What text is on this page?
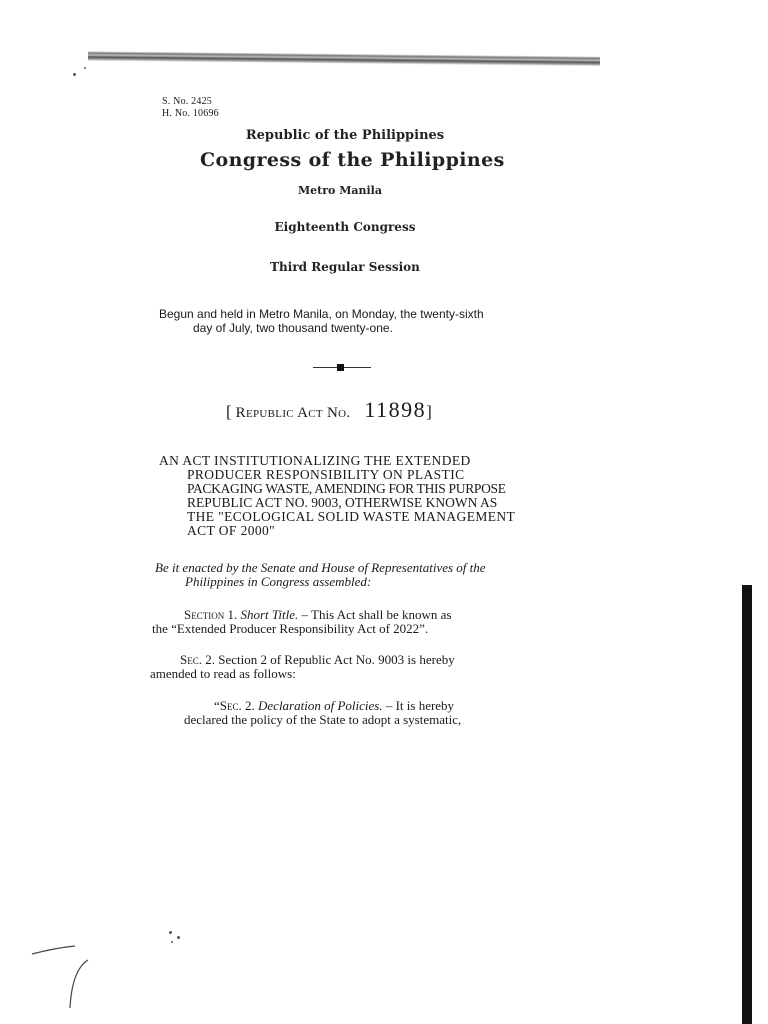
S. No. 2425
H. No. 10696
Republic of the Philippines
Congress of the Philippines
Metro Manila
Eighteenth Congress
Third Regular Session
Begun and held in Metro Manila, on Monday, the twenty-sixth
day of July, two thousand twenty-one.
[ Republic Act No. 11898]
AN ACT INSTITUTIONALIZING THE EXTENDED
PRODUCER RESPONSIBILITY ON PLASTIC
PACKAGING WASTE, AMENDING FOR THIS PURPOSE
REPUBLIC ACT NO. 9003, OTHERWISE KNOWN AS
THE "ECOLOGICAL SOLID WASTE MANAGEMENT
ACT OF 2000"
Be it enacted by the Senate and House of Representatives of the
Philippines in Congress assembled:
Section 1. Short Title. – This Act shall be known as
the “Extended Producer Responsibility Act of 2022”.
Sec. 2. Section 2 of Republic Act No. 9003 is hereby
amended to read as follows:
“Sec. 2. Declaration of Policies. – It is hereby
declared the policy of the State to adopt a systematic,
